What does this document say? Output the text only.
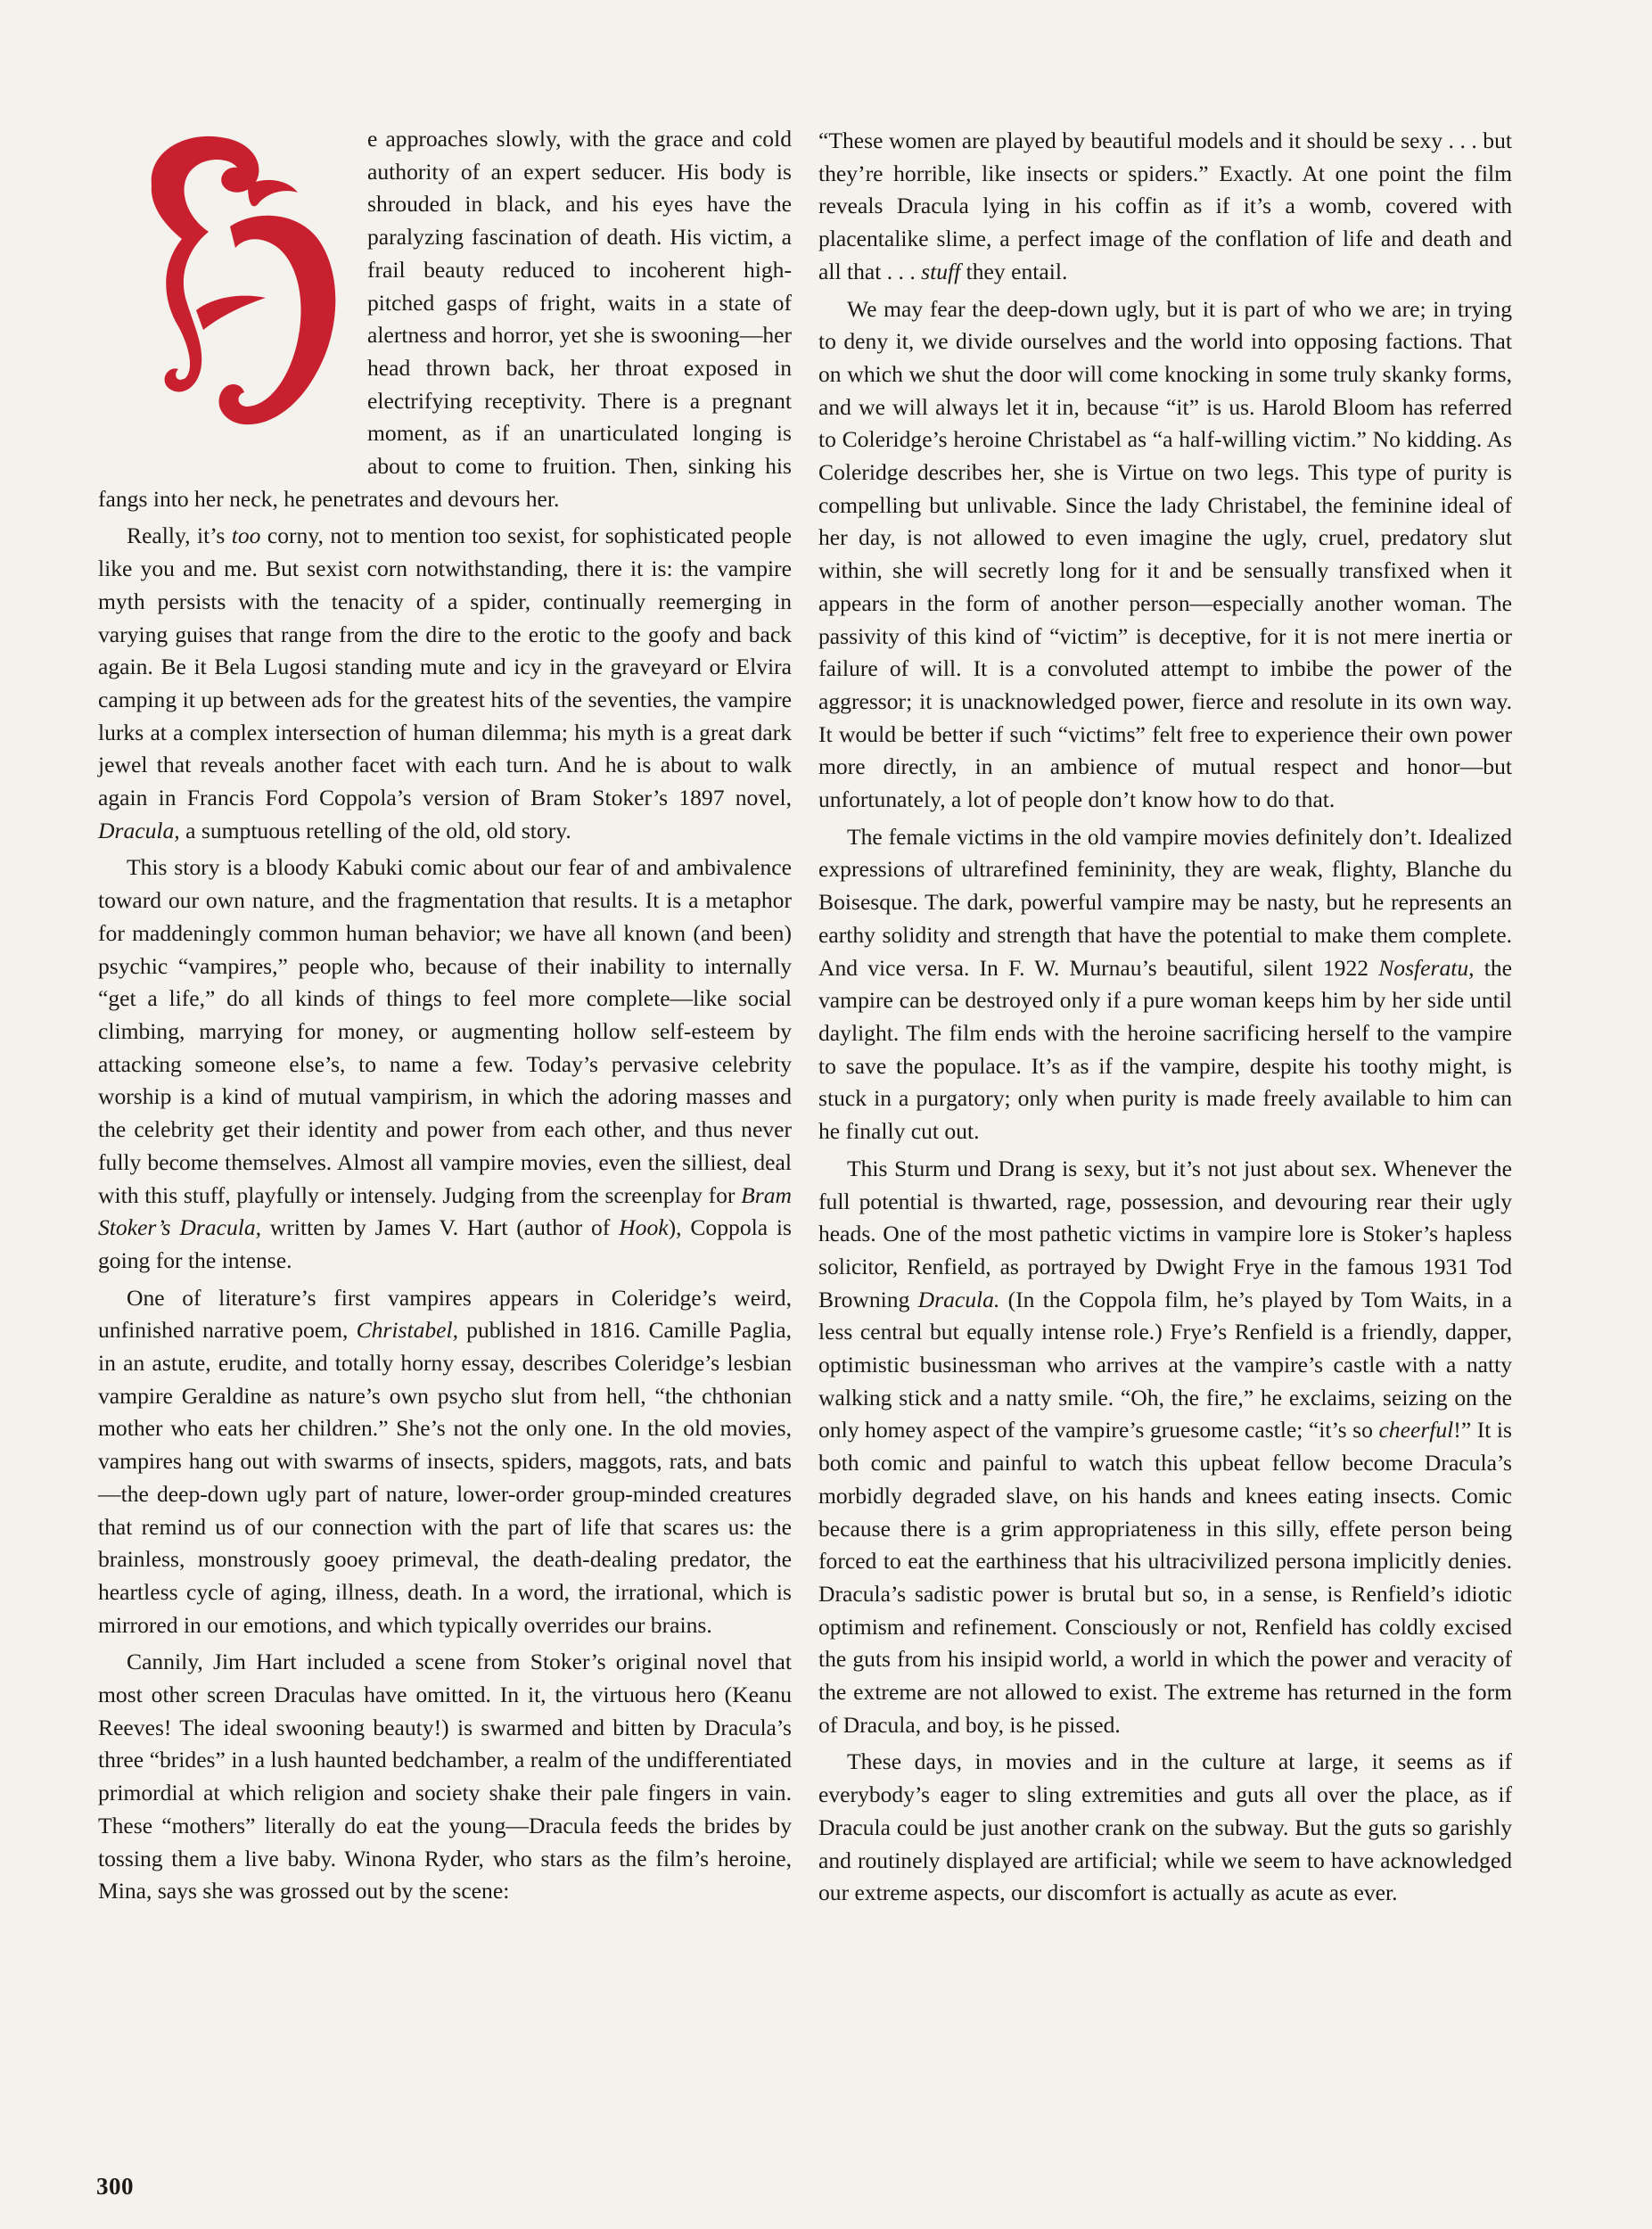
e approaches slowly, with the grace and cold authority of an expert seducer. His body is shrouded in black, and his eyes have the paralyzing fascination of death. His victim, a frail beauty reduced to incoherent high-pitched gasps of fright, waits in a state of alertness and horror, yet she is swooning—her head thrown back, her throat exposed in electrifying receptivity. There is a pregnant moment, as if an unarticulated longing is about to come to fruition. Then, sinking his fangs into her neck, he penetrates and devours her.

Really, it’s too corny, not to mention too sexist, for sophisticated people like you and me. But sexist corn notwithstanding, there it is: the vampire myth persists with the tenacity of a spider, continually reemerging in varying guises that range from the dire to the erotic to the goofy and back again. Be it Bela Lugosi standing mute and icy in the graveyard or Elvira camping it up between ads for the greatest hits of the seventies, the vampire lurks at a complex intersection of human dilemma; his myth is a great dark jewel that reveals another facet with each turn. And he is about to walk again in Francis Ford Coppola’s version of Bram Stoker’s 1897 novel, Dracula, a sumptuous retelling of the old, old story.

This story is a bloody Kabuki comic about our fear of and ambivalence toward our own nature, and the fragmentation that results. It is a metaphor for maddeningly common human behavior; we have all known (and been) psychic “vampires,” people who, because of their inability to internally “get a life,” do all kinds of things to feel more complete—like social climbing, marrying for money, or augmenting hollow self-esteem by attacking someone else’s, to name a few. Today’s pervasive celebrity worship is a kind of mutual vampirism, in which the adoring masses and the celebrity get their identity and power from each other, and thus never fully become themselves. Almost all vampire movies, even the silliest, deal with this stuff, playfully or intensely. Judging from the screenplay for Bram Stoker’s Dracula, written by James V. Hart (author of Hook), Coppola is going for the intense.

One of literature’s first vampires appears in Coleridge’s weird, unfinished narrative poem, Christabel, published in 1816. Camille Paglia, in an astute, erudite, and totally horny essay, describes Coleridge’s lesbian vampire Geraldine as nature’s own psycho slut from hell, “the chthonian mother who eats her children.” She’s not the only one. In the old movies, vampires hang out with swarms of insects, spiders, maggots, rats, and bats—the deep-down ugly part of nature, lower-order group-minded creatures that remind us of our connection with the part of life that scares us: the brainless, monstrously gooey primeval, the death-dealing predator, the heartless cycle of aging, illness, death. In a word, the irrational, which is mirrored in our emotions, and which typically overrides our brains.

Cannily, Jim Hart included a scene from Stoker’s original novel that most other screen Draculas have omitted. In it, the virtuous hero (Keanu Reeves! The ideal swooning beauty!) is swarmed and bitten by Dracula’s three “brides” in a lush haunted bedchamber, a realm of the undifferentiated primordial at which religion and society shake their pale fingers in vain. These “mothers” literally do eat the young—Dracula feeds the brides by tossing them a live baby. Winona Ryder, who stars as the film’s heroine, Mina, says she was grossed out by the scene:

“These women are played by beautiful models and it should be sexy . . . but they’re horrible, like insects or spiders.” Exactly. At one point the film reveals Dracula lying in his coffin as if it’s a womb, covered with placentalike slime, a perfect image of the conflation of life and death and all that . . . stuff they entail.

We may fear the deep-down ugly, but it is part of who we are; in trying to deny it, we divide ourselves and the world into opposing factions. That on which we shut the door will come knocking in some truly skanky forms, and we will always let it in, because “it” is us. Harold Bloom has referred to Coleridge’s heroine Christabel as “a half-willing victim.” No kidding. As Coleridge describes her, she is Virtue on two legs. This type of purity is compelling but unlivable. Since the lady Christabel, the feminine ideal of her day, is not allowed to even imagine the ugly, cruel, predatory slut within, she will secretly long for it and be sensually transfixed when it appears in the form of another person—especially another woman. The passivity of this kind of “victim” is deceptive, for it is not mere inertia or failure of will. It is a convoluted attempt to imbibe the power of the aggressor; it is unacknowledged power, fierce and resolute in its own way. It would be better if such “victims” felt free to experience their own power more directly, in an ambience of mutual respect and honor—but unfortunately, a lot of people don’t know how to do that.

The female victims in the old vampire movies definitely don’t. Idealized expressions of ultrarefined femininity, they are weak, flighty, Blanche du Boisesque. The dark, powerful vampire may be nasty, but he represents an earthy solidity and strength that have the potential to make them complete. And vice versa. In F. W. Murnau’s beautiful, silent 1922 Nosferatu, the vampire can be destroyed only if a pure woman keeps him by her side until daylight. The film ends with the heroine sacrificing herself to the vampire to save the populace. It’s as if the vampire, despite his toothy might, is stuck in a purgatory; only when purity is made freely available to him can he finally cut out.

This Sturm und Drang is sexy, but it’s not just about sex. Whenever the full potential is thwarted, rage, possession, and devouring rear their ugly heads. One of the most pathetic victims in vampire lore is Stoker’s hapless solicitor, Renfield, as portrayed by Dwight Frye in the famous 1931 Tod Browning Dracula. (In the Coppola film, he’s played by Tom Waits, in a less central but equally intense role.) Frye’s Renfield is a friendly, dapper, optimistic businessman who arrives at the vampire’s castle with a natty walking stick and a natty smile. “Oh, the fire,” he exclaims, seizing on the only homey aspect of the vampire’s gruesome castle; “it’s so cheerful!” It is both comic and painful to watch this upbeat fellow become Dracula’s morbidly degraded slave, on his hands and knees eating insects. Comic because there is a grim appropriateness in this silly, effete person being forced to eat the earthiness that his ultracivilized persona implicitly denies. Dracula’s sadistic power is brutal but so, in a sense, is Renfield’s idiotic optimism and refinement. Consciously or not, Renfield has coldly excised the guts from his insipid world, a world in which the power and veracity of the extreme are not allowed to exist. The extreme has returned in the form of Dracula, and boy, is he pissed.

These days, in movies and in the culture at large, it seems as if everybody’s eager to sling extremities and guts all over the place, as if Dracula could be just another crank on the subway. But the guts so garishly and routinely displayed are artificial; while we seem to have acknowledged our extreme aspects, our discomfort is actually as acute as ever.

300
